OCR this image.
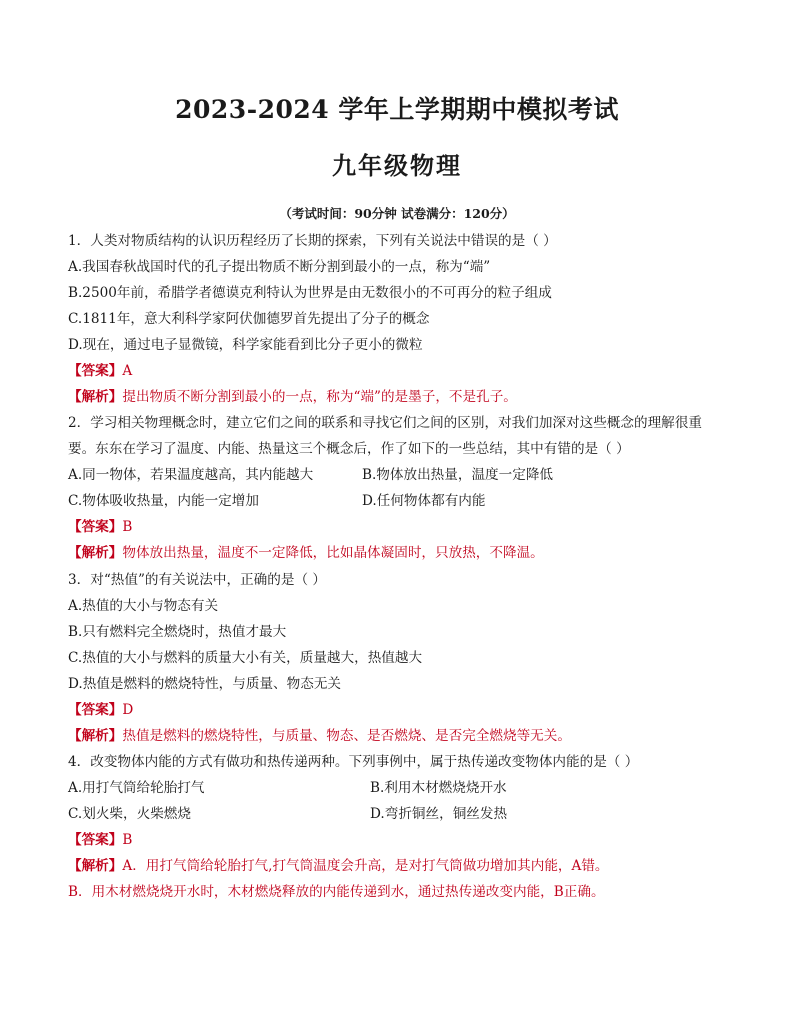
2023-2024 学年上学期期中模拟考试
九年级物理
（考试时间：90分钟 试卷满分：120分）
1．人类对物质结构的认识历程经历了长期的探索，下列有关说法中错误的是（ ）
A.我国春秋战国时代的孔子提出物质不断分割到最小的一点，称为“端”
B.2500年前，希腊学者德谟克利特认为世界是由无数很小的不可再分的粒子组成
C.1811年，意大利科学家阿伏伽德罗首先提出了分子的概念
D.现在，通过电子显微镜，科学家能看到比分子更小的微粒
【答案】A
【解析】提出物质不断分割到最小的一点，称为“端”的是墨子，不是孔子。
2．学习相关物理概念时，建立它们之间的联系和寻找它们之间的区别，对我们加深对这些概念的理解很重
要。东东在学习了温度、内能、热量这三个概念后，作了如下的一些总结，其中有错的是（ ）
A.同一物体，若果温度越高，其内能越大	B.物体放出热量，温度一定降低
C.物体吸收热量，内能一定增加	D.任何物体都有内能
【答案】B
【解析】物体放出热量，温度不一定降低，比如晶体凝固时，只放热，不降温。
3．对“热值”的有关说法中，正确的是（ ）
A.热值的大小与物态有关
B.只有燃料完全燃烧时，热值才最大
C.热值的大小与燃料的质量大小有关，质量越大，热值越大
D.热值是燃料的燃烧特性，与质量、物态无关
【答案】D
【解析】热值是燃料的燃烧特性，与质量、物态、是否燃烧、是否完全燃烧等无关。
4．改变物体内能的方式有做功和热传递两种。下列事例中，属于热传递改变物体内能的是（ ）
A.用打气筒给轮胎打气	B.利用木材燃烧烧开水
C.划火柴，火柴燃烧	D.弯折铜丝，铜丝发热
【答案】B
【解析】A．用打气筒给轮胎打气,打气筒温度会升高，是对打气筒做功增加其内能，A错。
B．用木材燃烧烧开水时，木材燃烧释放的内能传递到水，通过热传递改变内能，B正确。
